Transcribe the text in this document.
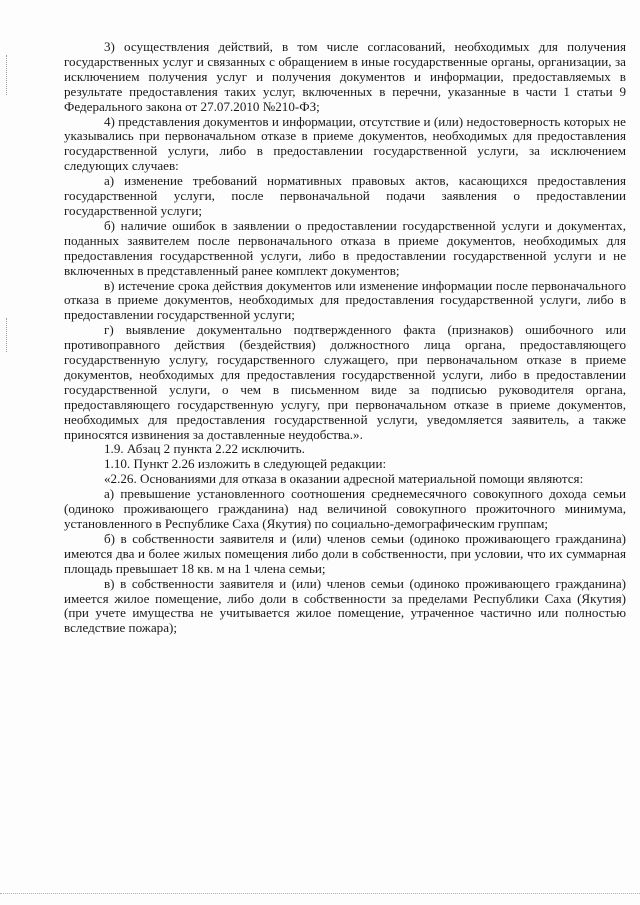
3) осуществления действий, в том числе согласований, необходимых для получения государственных услуг и связанных с обращением в иные государственные органы, организации, за исключением получения услуг и получения документов и информации, предоставляемых в результате предоставления таких услуг, включенных в перечни, указанные в части 1 статьи 9 Федерального закона от 27.07.2010 №210-ФЗ;

4) представления документов и информации, отсутствие и (или) недостоверность которых не указывались при первоначальном отказе в приеме документов, необходимых для предоставления государственной услуги, либо в предоставлении государственной услуги, за исключением следующих случаев:

а) изменение требований нормативных правовых актов, касающихся предоставления государственной услуги, после первоначальной подачи заявления о предоставлении государственной услуги;

б) наличие ошибок в заявлении о предоставлении государственной услуги и документах, поданных заявителем после первоначального отказа в приеме документов, необходимых для предоставления государственной услуги, либо в предоставлении государственной услуги и не включенных в представленный ранее комплект документов;

в) истечение срока действия документов или изменение информации после первоначального отказа в приеме документов, необходимых для предоставления государственной услуги, либо в предоставлении государственной услуги;

г) выявление документально подтвержденного факта (признаков) ошибочного или противоправного действия (бездействия) должностного лица органа, предоставляющего государственную услугу, государственного служащего, при первоначальном отказе в приеме документов, необходимых для предоставления государственной услуги, либо в предоставлении государственной услуги, о чем в письменном виде за подписью руководителя органа, предоставляющего государственную услугу, при первоначальном отказе в приеме документов, необходимых для предоставления государственной услуги, уведомляется заявитель, а также приносятся извинения за доставленные неудобства.».

1.9. Абзац 2 пункта 2.22 исключить.

1.10. Пункт 2.26 изложить в следующей редакции:

«2.26. Основаниями для отказа в оказании адресной материальной помощи являются:

а) превышение установленного соотношения среднемесячного совокупного дохода семьи (одиноко проживающего гражданина) над величиной совокупного прожиточного минимума, установленного в Республике Саха (Якутия) по социально-демографическим группам;

б) в собственности заявителя и (или) членов семьи (одиноко проживающего гражданина) имеются два и более жилых помещения либо доли в собственности, при условии, что их суммарная площадь превышает 18 кв. м на 1 члена семьи;

в) в собственности заявителя и (или) членов семьи (одиноко проживающего гражданина) имеется жилое помещение, либо доли в собственности за пределами Республики Саха (Якутия) (при учете имущества не учитывается жилое помещение, утраченное частично или полностью вследствие пожара);
